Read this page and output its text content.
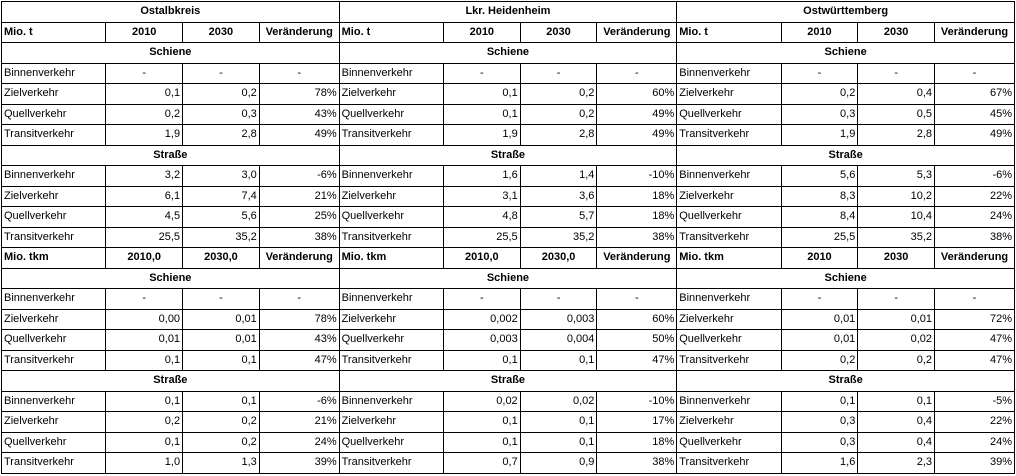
Ostalbkreis				Lkr. Heidenheim				Ostwürttemberg			
Mio. t	2010	2030	Veränderung	Mio. t	2010	2030	Veränderung	Mio. t	2010	2030	Veränderung
Schiene				Schiene				Schiene			
Binnenverkehr	-	-	-	Binnenverkehr	-	-	-	Binnenverkehr	-	-	-
Zielverkehr	0,1	0,2	78%	Zielverkehr	0,1	0,2	60%	Zielverkehr	0,2	0,4	67%
Quellverkehr	0,2	0,3	43%	Quellverkehr	0,1	0,2	49%	Quellverkehr	0,3	0,5	45%
Transitverkehr	1,9	2,8	49%	Transitverkehr	1,9	2,8	49%	Transitverkehr	1,9	2,8	49%
Straße				Straße				Straße			
Binnenverkehr	3,2	3,0	-6%	Binnenverkehr	1,6	1,4	-10%	Binnenverkehr	5,6	5,3	-6%
Zielverkehr	6,1	7,4	21%	Zielverkehr	3,1	3,6	18%	Zielverkehr	8,3	10,2	22%
Quellverkehr	4,5	5,6	25%	Quellverkehr	4,8	5,7	18%	Quellverkehr	8,4	10,4	24%
Transitverkehr	25,5	35,2	38%	Transitverkehr	25,5	35,2	38%	Transitverkehr	25,5	35,2	38%
Mio. tkm	2010,0	2030,0	Veränderung	Mio. tkm	2010,0	2030,0	Veränderung	Mio. tkm	2010	2030	Veränderung
Schiene				Schiene				Schiene			
Binnenverkehr	-	-	-	Binnenverkehr	-	-	-	Binnenverkehr	-	-	-
Zielverkehr	0,00	0,01	78%	Zielverkehr	0,002	0,003	60%	Zielverkehr	0,01	0,01	72%
Quellverkehr	0,01	0,01	43%	Quellverkehr	0,003	0,004	50%	Quellverkehr	0,01	0,02	47%
Transitverkehr	0,1	0,1	47%	Transitverkehr	0,1	0,1	47%	Transitverkehr	0,2	0,2	47%
Straße				Straße				Straße			
Binnenverkehr	0,1	0,1	-6%	Binnenverkehr	0,02	0,02	-10%	Binnenverkehr	0,1	0,1	-5%
Zielverkehr	0,2	0,2	21%	Zielverkehr	0,1	0,1	17%	Zielverkehr	0,3	0,4	22%
Quellverkehr	0,1	0,2	24%	Quellverkehr	0,1	0,1	18%	Quellverkehr	0,3	0,4	24%
Transitverkehr	1,0	1,3	39%	Transitverkehr	0,7	0,9	38%	Transitverkehr	1,6	2,3	39%
